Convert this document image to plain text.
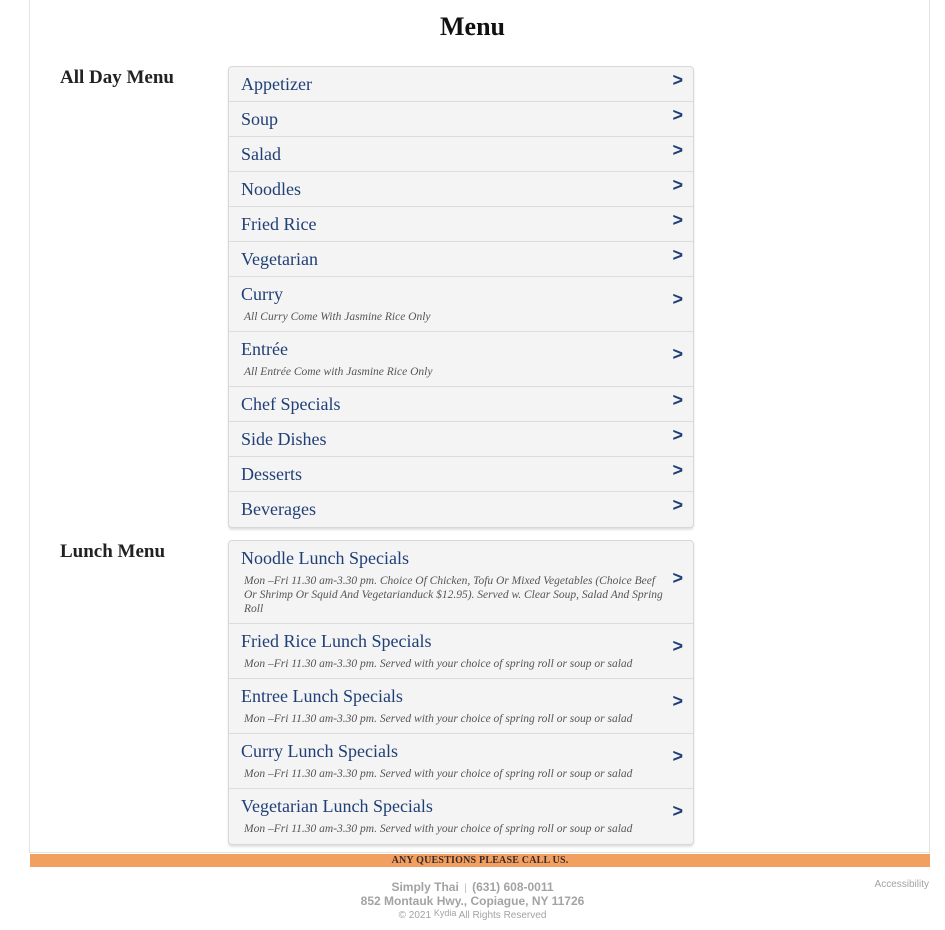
Menu
All Day Menu	Appetizer	>
Soup	>
Salad	>
Noodles	>
Fried Rice	>
Vegetarian	>
Curry
All Curry Come With Jasmine Rice Only
>
Entrée
All Entrée Come with Jasmine Rice Only
>
Chef Specials	>
Side Dishes	>
Desserts	>
Beverages	>
Lunch Menu	Noodle Lunch Specials
Mon –Fri 11.30 am-3.30 pm. Choice Of Chicken, Tofu Or Mixed Vegetables (Choice Beef Or Shrimp Or Squid And Vegetarianduck $12.95). Served w. Clear Soup, Salad And Spring Roll
>
Fried Rice Lunch Specials
Mon –Fri 11.30 am-3.30 pm. Served with your choice of spring roll or soup or salad
>
Entree Lunch Specials
Mon –Fri 11.30 am-3.30 pm. Served with your choice of spring roll or soup or salad
>
Curry Lunch Specials
Mon –Fri 11.30 am-3.30 pm. Served with your choice of spring roll or soup or salad
>
Vegetarian Lunch Specials
Mon –Fri 11.30 am-3.30 pm. Served with your choice of spring roll or soup or salad
>
ANY QUESTIONS PLEASE CALL US.
Simply Thai | (631) 608-0011
852 Montauk Hwy., Copiague, NY 11726
© 2021 Kydia All Rights Reserved
Accessibility
